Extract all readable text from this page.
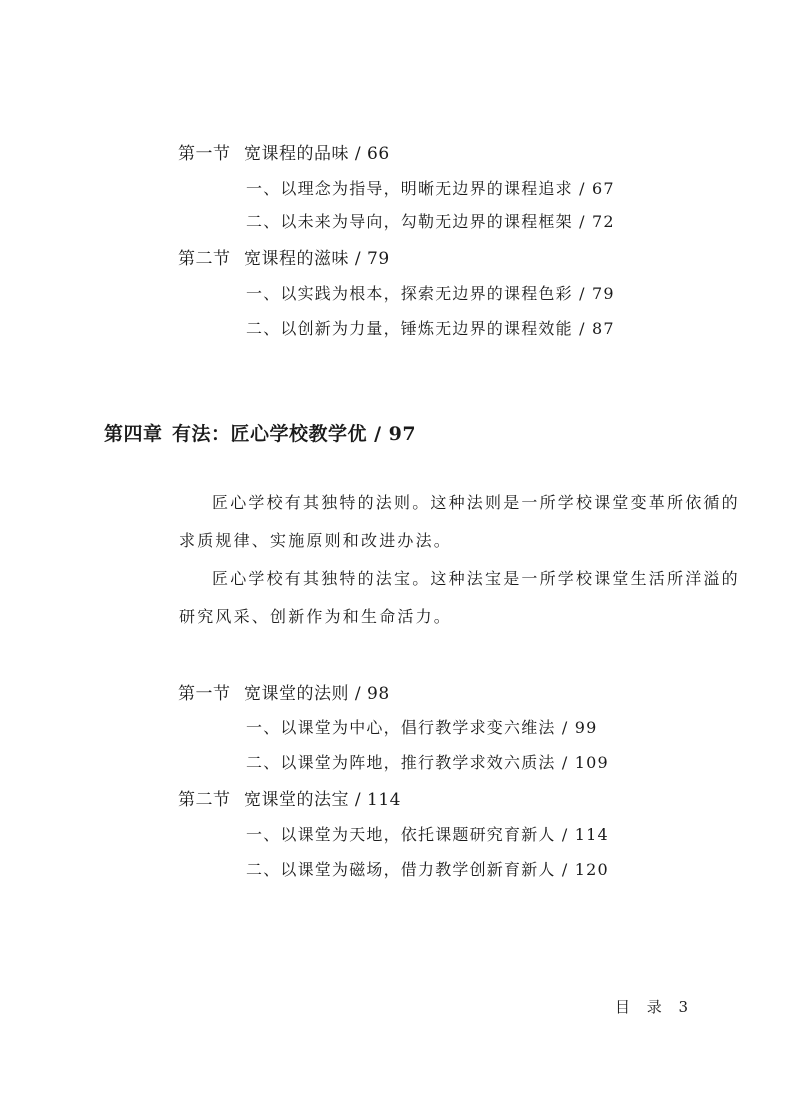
第一节 宽课程的品味 / 66
一、以理念为指导，明晰无边界的课程追求 / 67
二、以未来为导向，勾勒无边界的课程框架 / 72
第二节 宽课程的滋味 / 79
一、以实践为根本，探索无边界的课程色彩 / 79
二、以创新为力量，锤炼无边界的课程效能 / 87
第四章 有法：匠心学校教学优 / 97
匠心学校有其独特的法则。这种法则是一所学校课堂变革所依循的
求质规律、实施原则和改进办法。
匠心学校有其独特的法宝。这种法宝是一所学校课堂生活所洋溢的
研究风采、创新作为和生命活力。
第一节 宽课堂的法则 / 98
一、以课堂为中心，倡行教学求变六维法 / 99
二、以课堂为阵地，推行教学求效六质法 / 109
第二节 宽课堂的法宝 / 114
一、以课堂为天地，依托课题研究育新人 / 114
二、以课堂为磁场，借力教学创新育新人 / 120
目 录 3
